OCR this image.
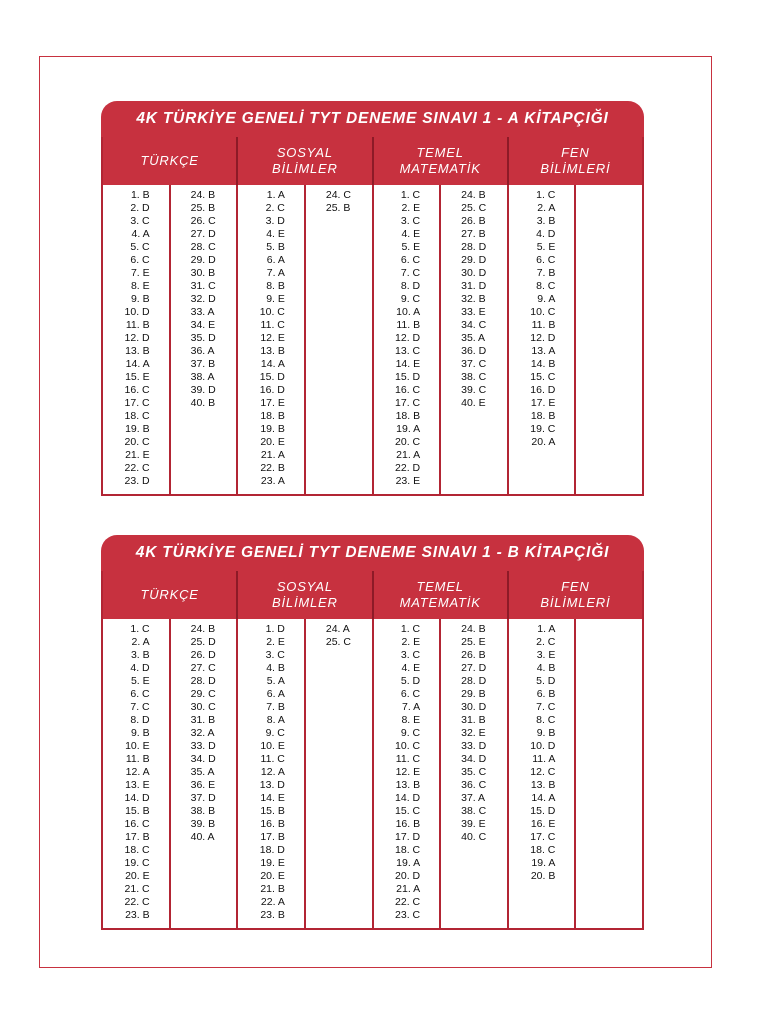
4K TÜRKİYE GENELİ TYT DENEME SINAVI 1 - A KİTAPÇIĞI
TÜRKÇE
SOSYAL
BİLİMLER
TEMEL
MATEMATİK
FEN
BİLİMLERİ
1. B
2. D
3. C
4. A
5. C
6. C
7. E
8. E
9. B
10. D
11. B
12. D
13. B
14. A
15. E
16. C
17. C
18. C
19. B
20. C
21. E
22. C
23. D
24. B
25. B
26. C
27. D
28. C
29. D
30. B
31. C
32. D
33. A
34. E
35. D
36. A
37. B
38. A
39. D
40. B
1. A
2. C
3. D
4. E
5. B
6. A
7. A
8. B
9. E
10. C
11. C
12. E
13. B
14. A
15. D
16. D
17. E
18. B
19. B
20. E
21. A
22. B
23. A
24. C
25. B
1. C
2. E
3. C
4. E
5. E
6. C
7. C
8. D
9. C
10. A
11. B
12. D
13. C
14. E
15. D
16. C
17. C
18. B
19. A
20. C
21. A
22. D
23. E
24. B
25. C
26. B
27. B
28. D
29. D
30. D
31. D
32. B
33. E
34. C
35. A
36. D
37. C
38. C
39. C
40. E
1. C
2. A
3. B
4. D
5. E
6. C
7. B
8. C
9. A
10. C
11. B
12. D
13. A
14. B
15. C
16. D
17. E
18. B
19. C
20. A
4K TÜRKİYE GENELİ TYT DENEME SINAVI 1 - B KİTAPÇIĞI
TÜRKÇE
SOSYAL
BİLİMLER
TEMEL
MATEMATİK
FEN
BİLİMLERİ
1. C
2. A
3. B
4. D
5. E
6. C
7. C
8. D
9. B
10. E
11. B
12. A
13. E
14. D
15. B
16. C
17. B
18. C
19. C
20. E
21. C
22. C
23. B
24. B
25. D
26. D
27. C
28. D
29. C
30. C
31. B
32. A
33. D
34. D
35. A
36. E
37. D
38. B
39. B
40. A
1. D
2. E
3. C
4. B
5. A
6. A
7. B
8. A
9. C
10. E
11. C
12. A
13. D
14. E
15. B
16. B
17. B
18. D
19. E
20. E
21. B
22. A
23. B
24. A
25. C
1. C
2. E
3. C
4. E
5. D
6. C
7. A
8. E
9. C
10. C
11. C
12. E
13. B
14. D
15. C
16. B
17. D
18. C
19. A
20. D
21. A
22. C
23. C
24. B
25. E
26. B
27. D
28. D
29. B
30. D
31. B
32. E
33. D
34. D
35. C
36. C
37. A
38. C
39. E
40. C
1. A
2. C
3. E
4. B
5. D
6. B
7. C
8. C
9. B
10. D
11. A
12. C
13. B
14. A
15. D
16. E
17. C
18. C
19. A
20. B
